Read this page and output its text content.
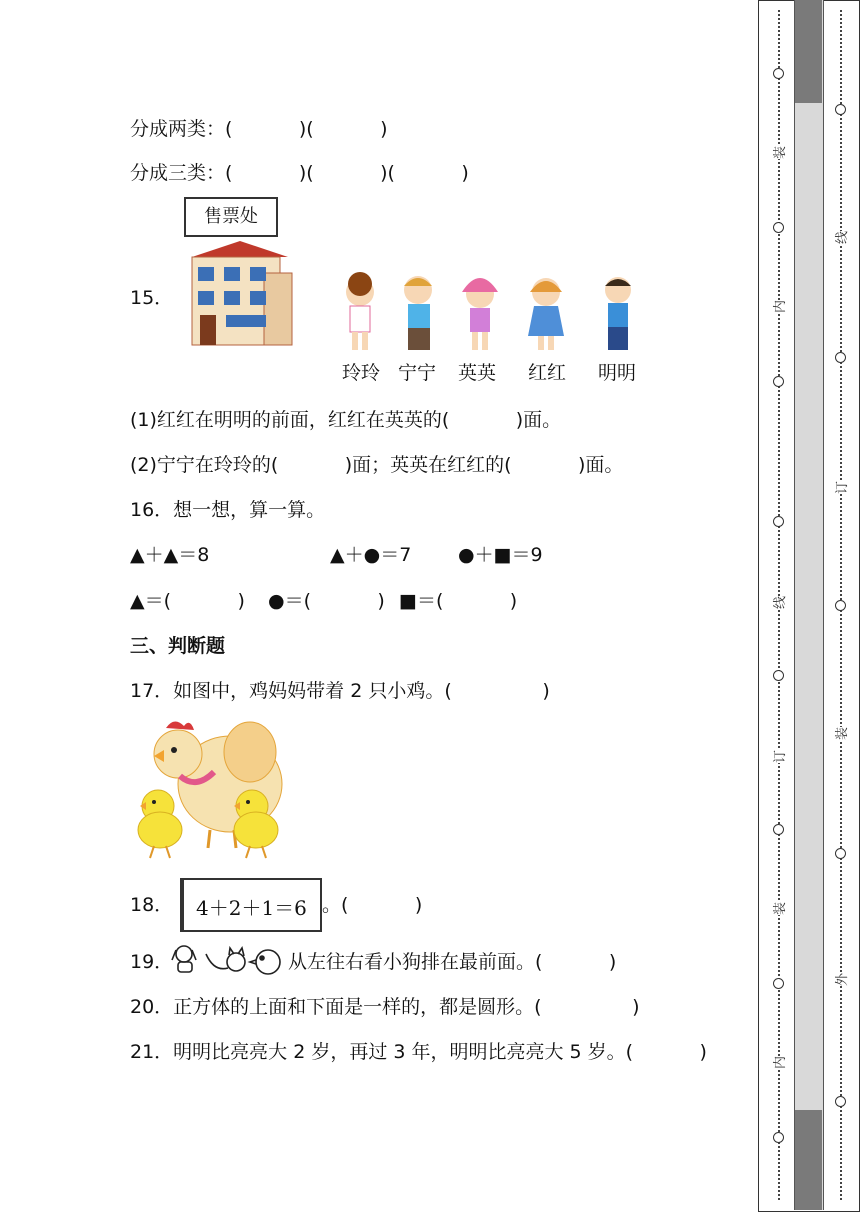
分成两类：(           )(           )
分成三类：(           )(           )(           )
15．
售票处
玲玲 宁宁 英英 红红 明明
(1)红红在明明的前面，红红在英英的(           )面。
(2)宁宁在玲玲的(           )面；英英在红红的(           )面。
16．想一想，算一算。
▲＋▲＝8	▲＋●＝7 ●＋■＝9
▲＝(           ) ●＝(           ) ■＝(           )
三、判断题
17．如图中，鸡妈妈带着 2 只小鸡。(               )
18． 4＋2＋1＝6 。(           )
19．	从左往右看小狗排在最前面。(           )
20．正方体的上面和下面是一样的，都是圆形。(               )
21．明明比亮亮大 2 岁，再过 3 年，明明比亮亮大 5 岁。(           )
装
内
线
订
装
内
线
订
装
外
